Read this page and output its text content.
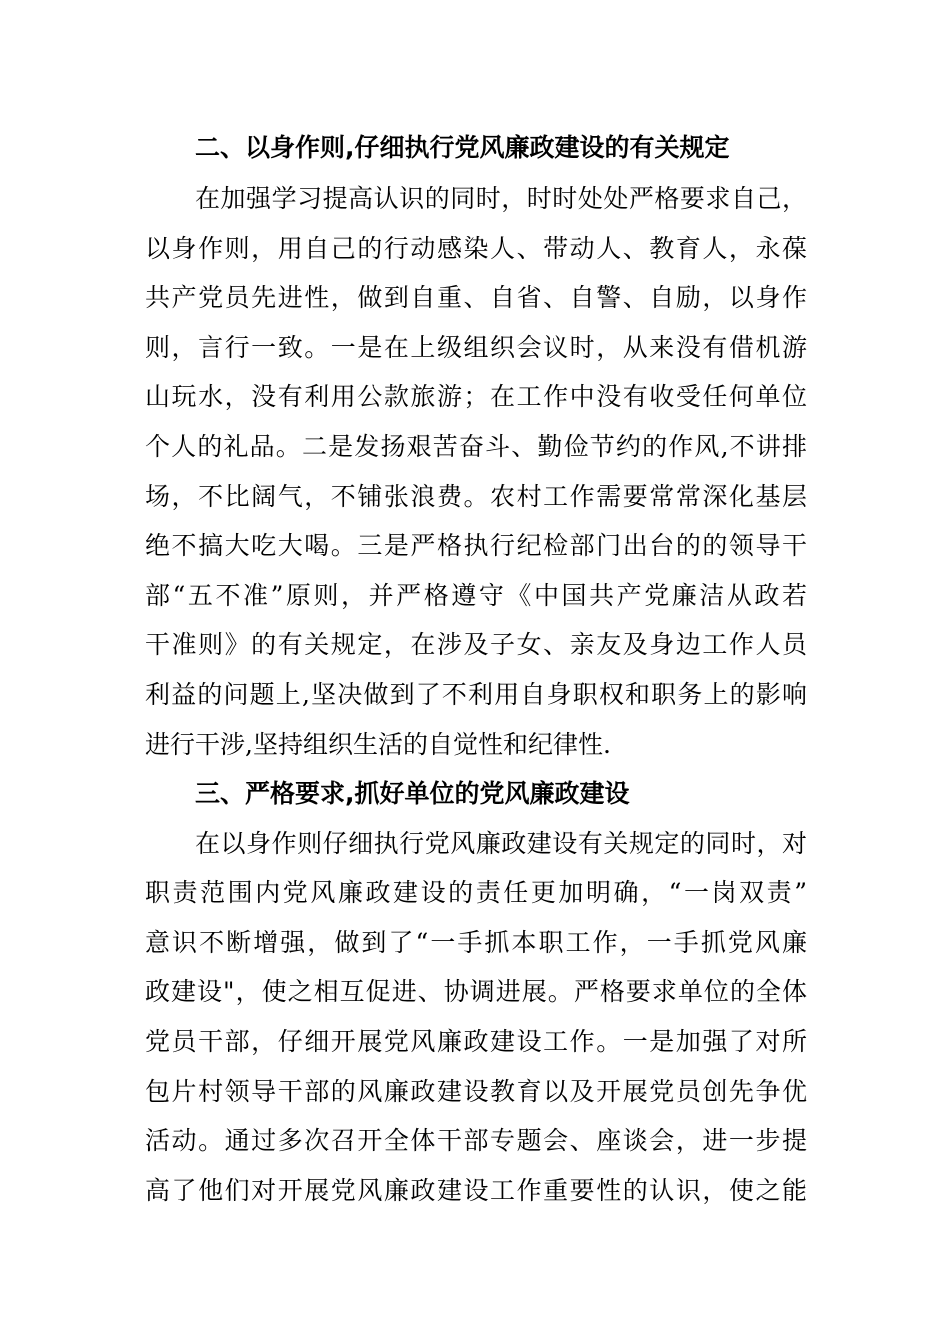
二、以身作则,仔细执行党风廉政建设的有关规定
在加强学习提高认识的同时，时时处处严格要求自己，
以身作则，用自己的行动感染人、带动人、教育人，永葆
共产党员先进性，做到自重、自省、自警、自励，以身作
则，言行一致。一是在上级组织会议时，从来没有借机游
山玩水，没有利用公款旅游；在工作中没有收受任何单位
个人的礼品。二是发扬艰苦奋斗、勤俭节约的作风,不讲排
场，不比阔气，不铺张浪费。农村工作需要常常深化基层
绝不搞大吃大喝。三是严格执行纪检部门出台的的领导干
部“五不准”原则，并严格遵守《中国共产党廉洁从政若
干准则》的有关规定，在涉及子女、亲友及身边工作人员
利益的问题上,坚决做到了不利用自身职权和职务上的影响
进行干涉,坚持组织生活的自觉性和纪律性.
三、严格要求,抓好单位的党风廉政建设
在以身作则仔细执行党风廉政建设有关规定的同时，对
职责范围内党风廉政建设的责任更加明确，“一岗双责”
意识不断增强，做到了“一手抓本职工作，一手抓党风廉
政建设"，使之相互促进、协调进展。严格要求单位的全体
党员干部，仔细开展党风廉政建设工作。一是加强了对所
包片村领导干部的风廉政建设教育以及开展党员创先争优
活动。通过多次召开全体干部专题会、座谈会，进一步提
高了他们对开展党风廉政建设工作重要性的认识，使之能
